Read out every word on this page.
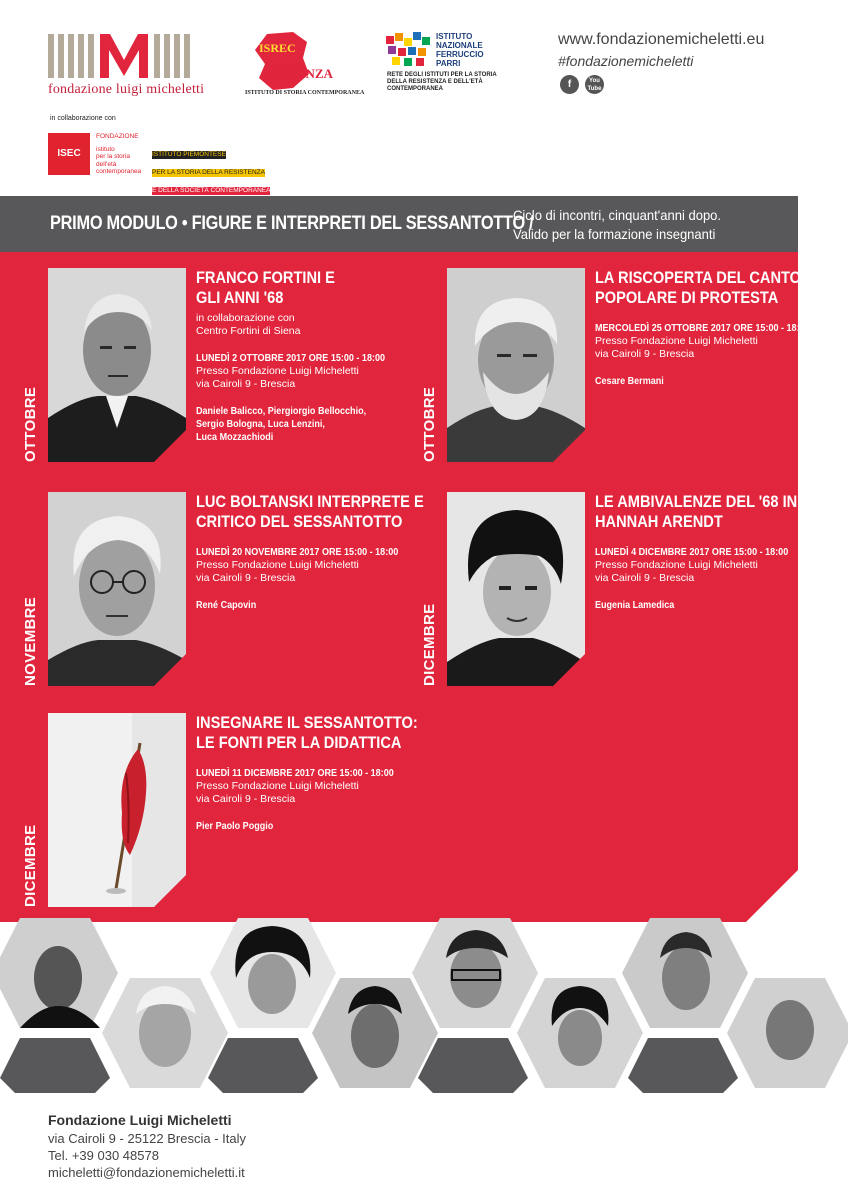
fondazione luigi micheletti
ISREC
PIACENZA
ISTITUTO DI STORIA CONTEMPORANEA
ISTITUTO
NAZIONALE
FERRUCCIO
PARRI
RETE DEGLI ISTITUTI PER LA STORIA DELLA RESISTENZA E DELL'ETÀ CONTEMPORANEA
www.fondazionemicheletti.eu
#fondazionemicheletti
f	You Tube
in collaborazione con
ISEC
FONDAZIONE
istituto
per la storia
dell'età
contemporanea
ISTITUTO PIEMONTESE
PER LA STORIA DELLA RESISTENZA
E DELLA SOCIETÀ CONTEMPORANEA

PRIMO MODULO • FIGURE E INTERPRETI DEL SESSANTOTTO /
Ciclo di incontri, cinquant'anni dopo.
Valido per la formazione insegnanti
OTTOBRE
FRANCO FORTINI E
GLI ANNI '68
in collaborazione con
Centro Fortini di Siena
LUNEDÌ 2 OTTOBRE 2017 ORE 15:00 - 18:00
Presso Fondazione Luigi Micheletti
via Cairoli 9 - Brescia
Daniele Balicco, Piergiorgio Bellocchio,
Sergio Bologna, Luca Lenzini,
Luca Mozzachiodi	OTTOBRE
LA RISCOPERTA DEL CANTO
POPOLARE DI PROTESTA
MERCOLEDÌ 25 OTTOBRE 2017 ORE 15:00 - 18:00
Presso Fondazione Luigi Micheletti
via Cairoli 9 - Brescia
Cesare Bermani
NOVEMBRE
LUC BOLTANSKI INTERPRETE E
CRITICO DEL SESSANTOTTO
LUNEDÌ 20 NOVEMBRE 2017 ORE 15:00 - 18:00
Presso Fondazione Luigi Micheletti
via Cairoli 9 - Brescia
René Capovin	DICEMBRE
LE AMBIVALENZE DEL '68 IN
HANNAH ARENDT
LUNEDÌ 4 DICEMBRE 2017 ORE 15:00 - 18:00
Presso Fondazione Luigi Micheletti
via Cairoli 9 - Brescia
Eugenia Lamedica
DICEMBRE
INSEGNARE IL SESSANTOTTO:
LE FONTI PER LA DIDATTICA
LUNEDÌ 11 DICEMBRE 2017 ORE 15:00 - 18:00
Presso Fondazione Luigi Micheletti
via Cairoli 9 - Brescia
Pier Paolo Poggio
Fondazione Luigi Micheletti
via Cairoli 9 - 25122 Brescia - Italy
Tel. +39 030 48578
micheletti@fondazionemicheletti.it
